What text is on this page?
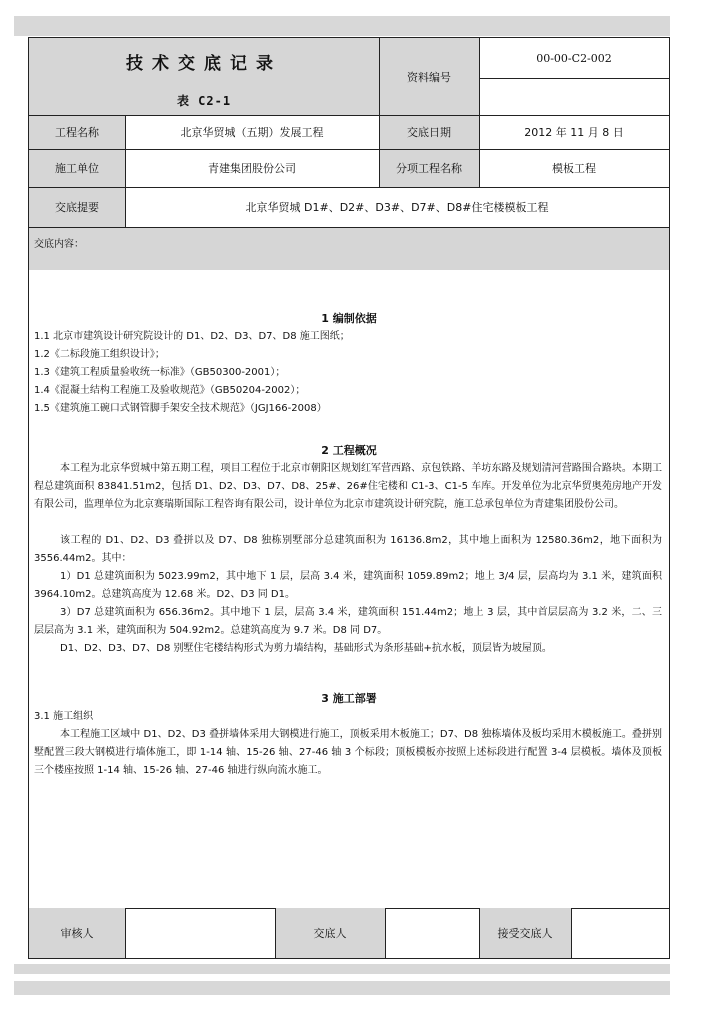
技术交底记录
表 C2-1
资料编号
00-00-C2-002
工程名称	北京华贸城（五期）发展工程	交底日期	2012 年 11 月 8 日
施工单位	青建集团股份公司	分项工程名称	模板工程
交底提要	北京华贸城 D1#、D2#、D3#、D7#、D8#住宅楼模板工程
交底内容：
1 编制依据
1.1 北京市建筑设计研究院设计的 D1、D2、D3、D7、D8 施工图纸；
1.2《二标段施工组织设计》；
1.3《建筑工程质量验收统一标准》（GB50300-2001）；
1.4《混凝土结构工程施工及验收规范》（GB50204-2002）；
1.5《建筑施工碗口式钢管脚手架安全技术规范》（JGJ166-2008）
2 工程概况
本工程为北京华贸城中第五期工程，项目工程位于北京市朝阳区规划红军营西路、京包铁路、羊坊东路及规划清河营路围合路块。本期工程总建筑面积 83841.51m2，包括 D1、D2、D3、D7、D8、25#、26#住宅楼和 C1-3、C1-5 车库。开发单位为北京华贸奥苑房地产开发有限公司，监理单位为北京赛瑞斯国际工程咨询有限公司，设计单位为北京市建筑设计研究院，施工总承包单位为青建集团股份公司。
该工程的 D1、D2、D3 叠拼以及 D7、D8 独栋别墅部分总建筑面积为 16136.8m2，其中地上面积为 12580.36m2，地下面积为 3556.44m2。其中：
1）D1 总建筑面积为 5023.99m2，其中地下 1 层，层高 3.4 米，建筑面积 1059.89m2；地上 3/4 层，层高均为 3.1 米，建筑面积 3964.10m2。总建筑高度为 12.68 米。D2、D3 同 D1。
3）D7 总建筑面积为 656.36m2。其中地下 1 层，层高 3.4 米，建筑面积 151.44m2；地上 3 层，其中首层层高为 3.2 米，二、三层层高为 3.1 米，建筑面积为 504.92m2。总建筑高度为 9.7 米。D8 同 D7。
D1、D2、D3、D7、D8 别墅住宅楼结构形式为剪力墙结构，基础形式为条形基础+抗水板，顶层皆为坡屋顶。
3 施工部署
3.1 施工组织
本工程施工区域中 D1、D2、D3 叠拼墙体采用大钢模进行施工，顶板采用木板施工；D7、D8 独栋墙体及板均采用木模板施工。叠拼别墅配置三段大钢模进行墙体施工，即 1-14 轴、15-26 轴、27-46 轴 3 个标段；顶板模板亦按照上述标段进行配置 3-4 层模板。墙体及顶板三个楼座按照 1-14 轴、15-26 轴、27-46 轴进行纵向流水施工。
审核人	交底人	接受交底人
